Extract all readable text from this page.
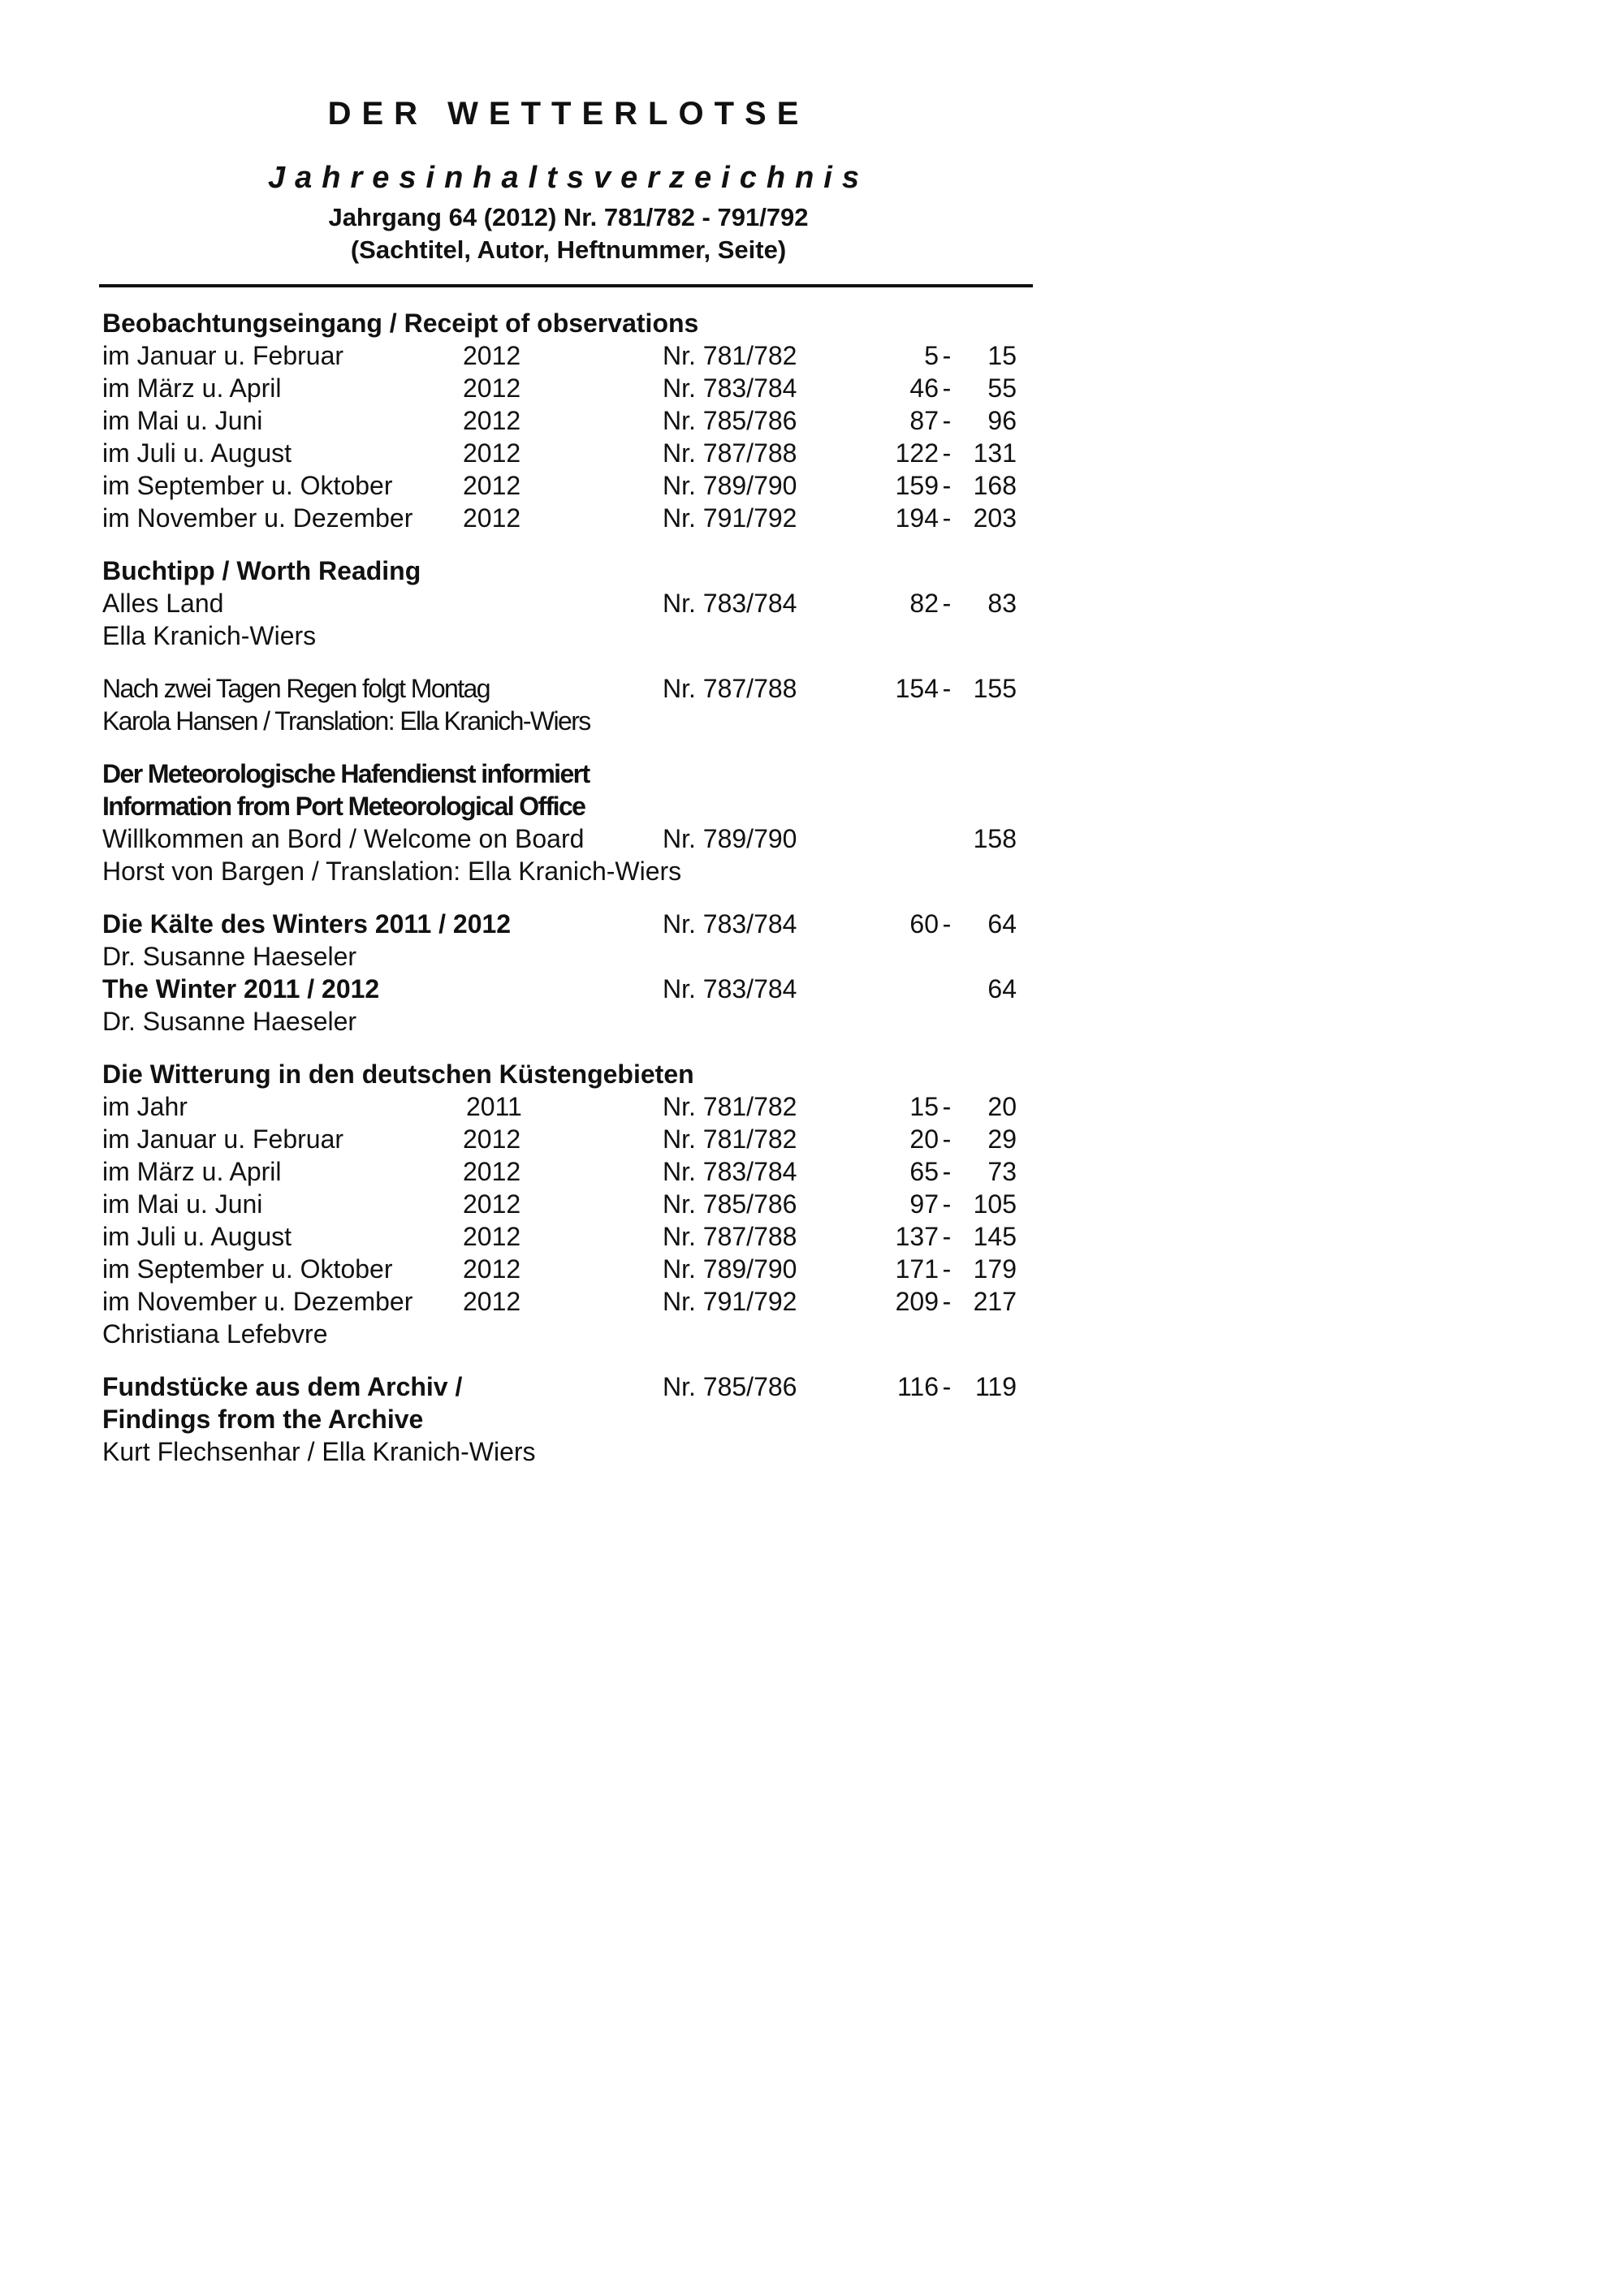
DER WETTERLOTSE
Jahresinhaltsverzeichnis
Jahrgang 64 (2012) Nr. 781/782 - 791/792
(Sachtitel, Autor, Heftnummer, Seite)
Beobachtungseingang / Receipt of observations
im Januar u. Februar	2012	Nr. 781/782	5 -	15
im März u. April	2012	Nr. 783/784	46 -	55
im Mai u. Juni	2012	Nr. 785/786	87 -	96
im Juli u. August	2012	Nr. 787/788	122 - 131
im September u. Oktober	2012	Nr. 789/790	159 - 168
im November u. Dezember 2012	Nr. 791/792	194 - 203
Buchtipp / Worth Reading
Alles Land	Nr. 783/784	82 -	83
Ella Kranich-Wiers
Nach zwei Tagen Regen folgt Montag	Nr. 787/788	154 - 155
Karola Hansen / Translation: Ella Kranich-Wiers
Der Meteorologische Hafendienst informiert
Information from Port Meteorological Office
Willkommen an Bord / Welcome on Board	Nr. 789/790	158
Horst von Bargen / Translation: Ella Kranich-Wiers
Die Kälte des Winters 2011 / 2012	Nr. 783/784	60 -	64
Dr. Susanne Haeseler
The Winter 2011 / 2012	Nr. 783/784	64
Dr. Susanne Haeseler
Die Witterung in den deutschen Küstengebieten
im Jahr	2011	Nr. 781/782	15 -	20
im Januar u. Februar	2012	Nr. 781/782	20 -	29
im März u. April	2012	Nr. 783/784	65 -	73
im Mai u. Juni	2012	Nr. 785/786	97 - 105
im Juli u. August	2012	Nr. 787/788	137 - 145
im September u. Oktober	2012	Nr. 789/790	171 - 179
im November u. Dezember 2012	Nr. 791/792	209 - 217
Christiana Lefebvre
Fundstücke aus dem Archiv /	Nr. 785/786	116 - 119
Findings from the Archive
Kurt Flechsenhar / Ella Kranich-Wiers
